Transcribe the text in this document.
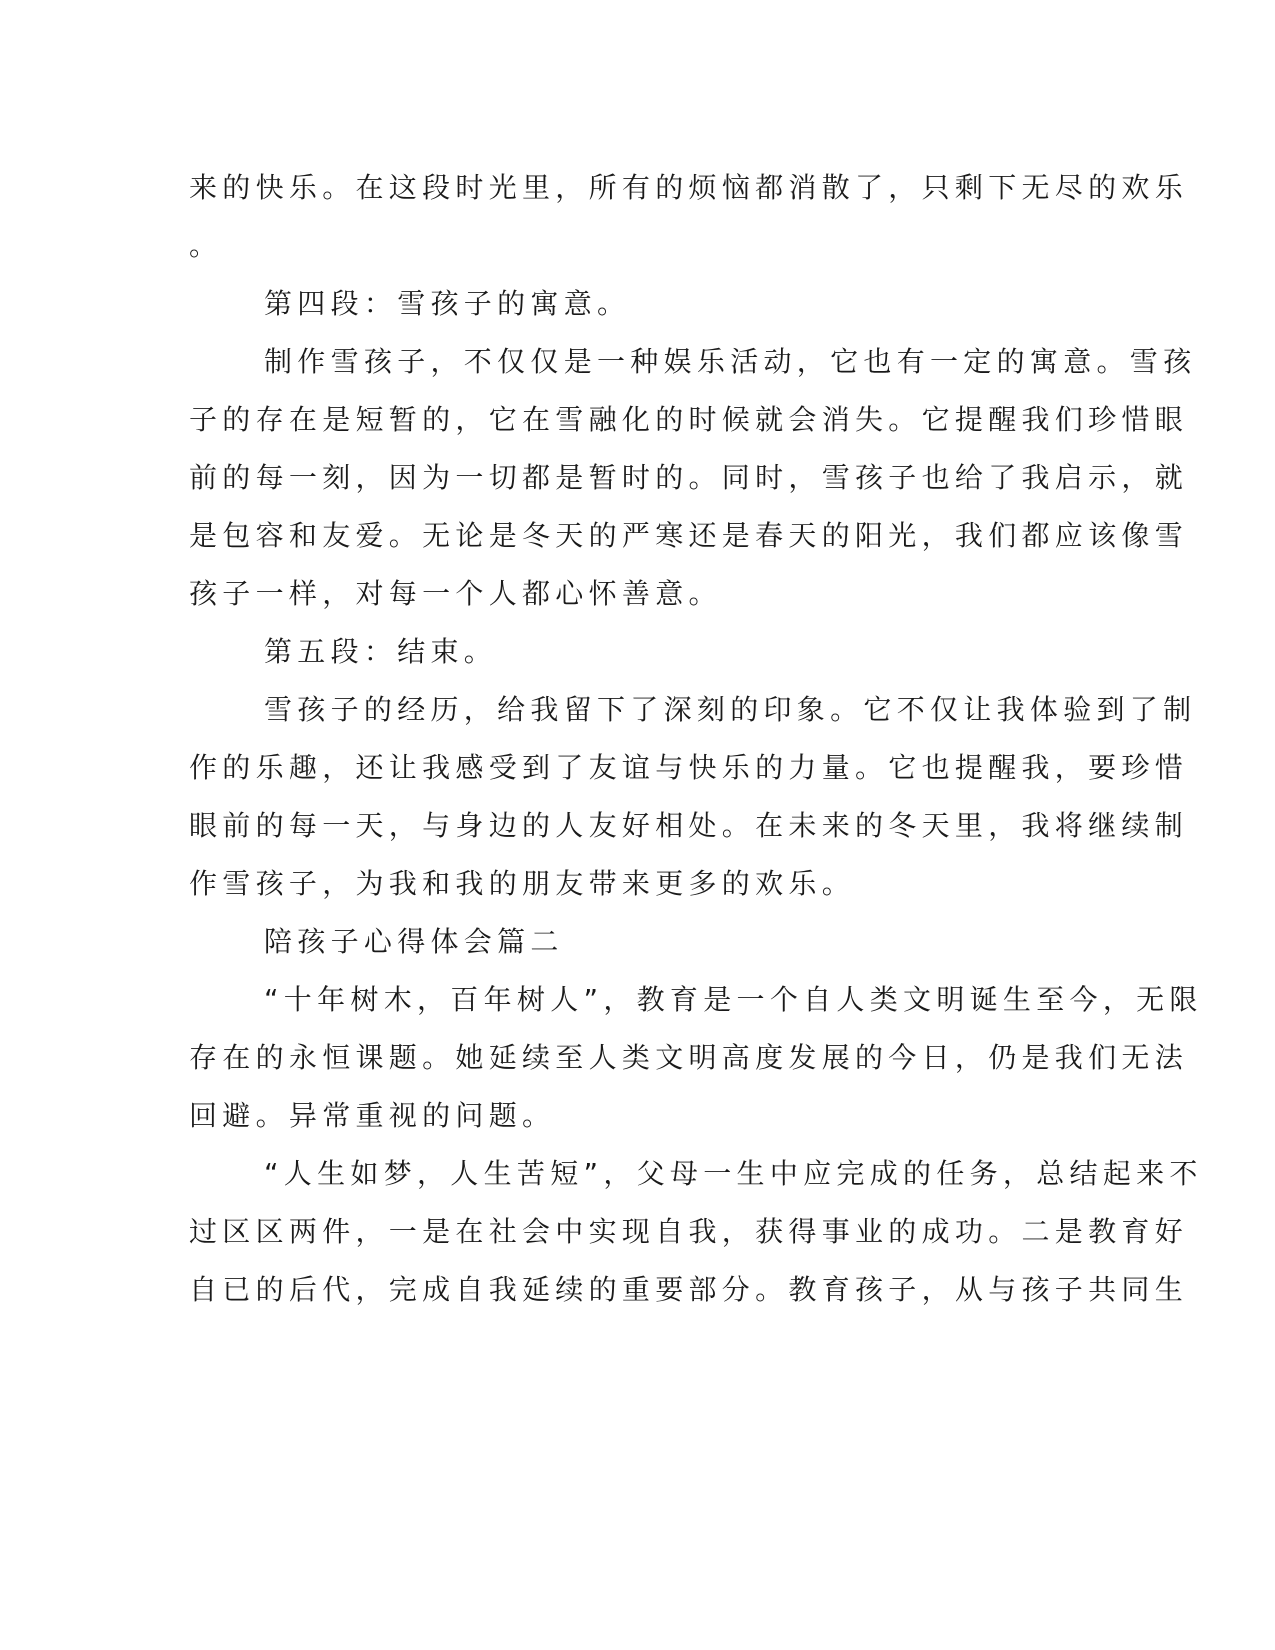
来的快乐。在这段时光里，所有的烦恼都消散了，只剩下无尽的欢乐
。
第四段：雪孩子的寓意。
制作雪孩子，不仅仅是一种娱乐活动，它也有一定的寓意。雪孩
子的存在是短暂的，它在雪融化的时候就会消失。它提醒我们珍惜眼
前的每一刻，因为一切都是暂时的。同时，雪孩子也给了我启示，就
是包容和友爱。无论是冬天的严寒还是春天的阳光，我们都应该像雪
孩子一样，对每一个人都心怀善意。
第五段：结束。
雪孩子的经历，给我留下了深刻的印象。它不仅让我体验到了制
作的乐趣，还让我感受到了友谊与快乐的力量。它也提醒我，要珍惜
眼前的每一天，与身边的人友好相处。在未来的冬天里，我将继续制
作雪孩子，为我和我的朋友带来更多的欢乐。
陪孩子心得体会篇二
“十年树木，百年树人”，教育是一个自人类文明诞生至今，无限
存在的永恒课题。她延续至人类文明高度发展的今日，仍是我们无法
回避。异常重视的问题。
“人生如梦，人生苦短”，父母一生中应完成的任务，总结起来不
过区区两件，一是在社会中实现自我，获得事业的成功。二是教育好
自已的后代，完成自我延续的重要部分。教育孩子，从与孩子共同生
